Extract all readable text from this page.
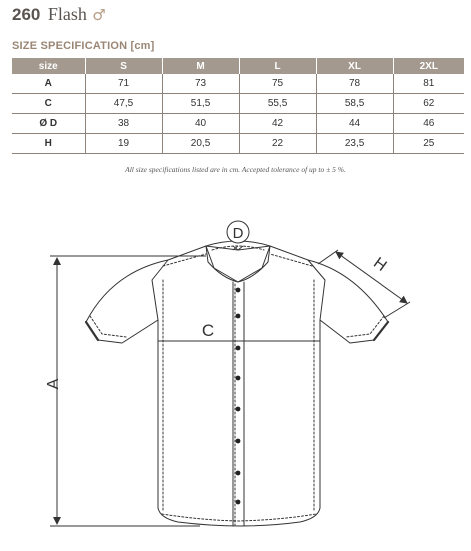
260 Flash ♂
SIZE SPECIFICATION [cm]
size	S	M	L	XL	2XL
A	71	73	75	78	81
C	47,5	51,5	55,5	58,5	62
Ø D	38	40	42	44	46
H	19	20,5	22	23,5	25
All size specifications listed are in cm. Accepted tolerance of up to ± 5 %.
A
C
D
H
